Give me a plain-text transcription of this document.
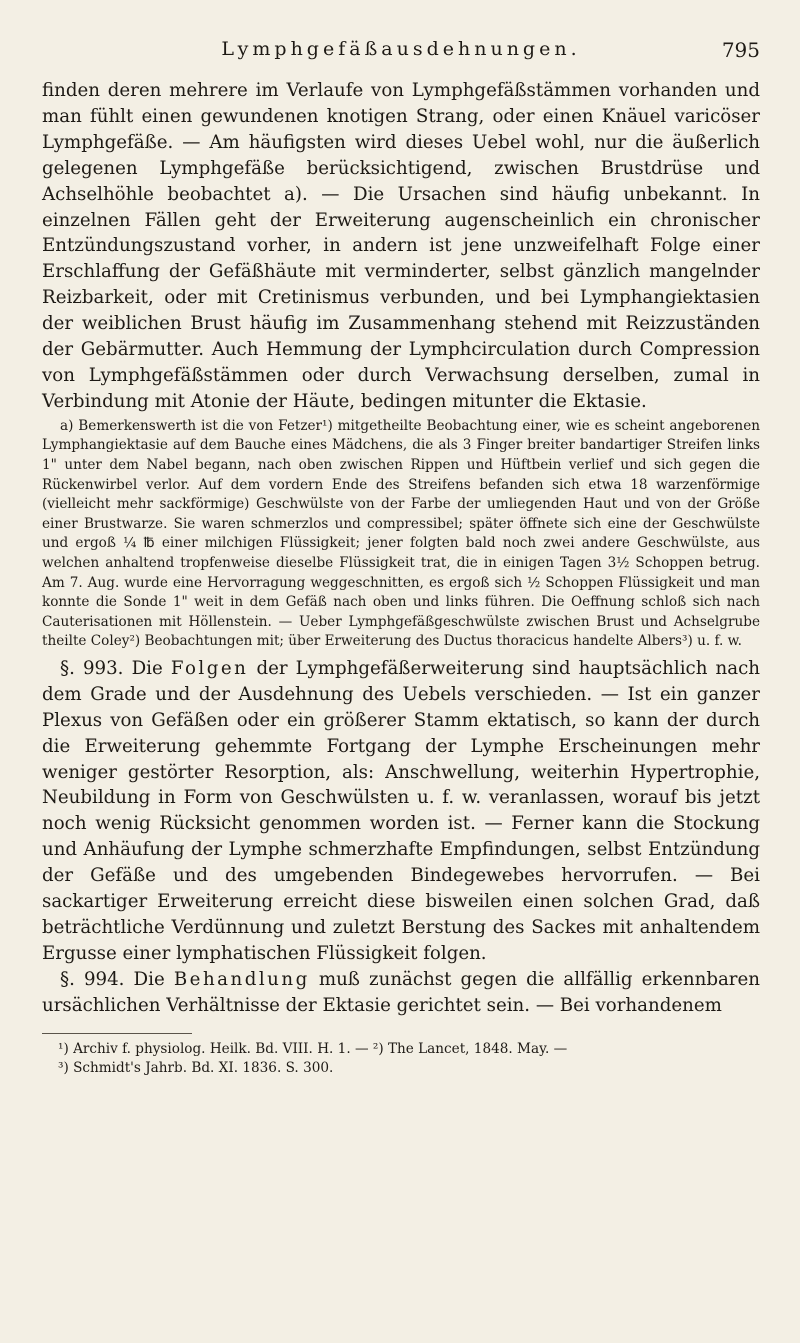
Lymphgefäßausdehnungen.	795

finden deren mehrere im Verlaufe von Lymphgefäßstämmen vorhanden und man fühlt einen gewundenen knotigen Strang, oder einen Knäuel varicöser Lymphgefäße. — Am häufigsten wird dieses Uebel wohl, nur die äußerlich gelegenen Lymphgefäße berücksichtigend, zwischen Brustdrüse und Achselhöhle beobachtet a). — Die Ursachen sind häufig unbekannt. In einzelnen Fällen geht der Erweiterung augenscheinlich ein chronischer Entzündungszustand vorher, in andern ist jene unzweifelhaft Folge einer Erschlaffung der Gefäßhäute mit verminderter, selbst gänzlich mangelnder Reizbarkeit, oder mit Cretinismus verbunden, und bei Lymphangiektasien der weiblichen Brust häufig im Zusammenhang stehend mit Reizzuständen der Gebärmutter. Auch Hemmung der Lymphcirculation durch Compression von Lymphgefäßstämmen oder durch Verwachsung derselben, zumal in Verbindung mit Atonie der Häute, bedingen mitunter die Ektasie.

a) Bemerkenswerth ist die von Fetzer¹) mitgetheilte Beobachtung einer, wie es scheint angeborenen Lymphangiektasie auf dem Bauche eines Mädchens, die als 3 Finger breiter bandartiger Streifen links 1" unter dem Nabel begann, nach oben zwischen Rippen und Hüftbein verlief und sich gegen die Rückenwirbel verlor. Auf dem vordern Ende des Streifens befanden sich etwa 18 warzenförmige (vielleicht mehr sackförmige) Geschwülste von der Farbe der umliegenden Haut und von der Größe einer Brustwarze. Sie waren schmerzlos und compressibel; später öffnete sich eine der Geschwülste und ergoß ¼ ℔ einer milchigen Flüssigkeit; jener folgten bald noch zwei andere Geschwülste, aus welchen anhaltend tropfenweise dieselbe Flüssigkeit trat, die in einigen Tagen 3½ Schoppen betrug. Am 7. Aug. wurde eine Hervorragung weggeschnitten, es ergoß sich ½ Schoppen Flüssigkeit und man konnte die Sonde 1" weit in dem Gefäß nach oben und links führen. Die Oeffnung schloß sich nach Cauterisationen mit Höllenstein. — Ueber Lymphgefäßgeschwülste zwischen Brust und Achselgrube theilte Coley²) Beobachtungen mit; über Erweiterung des Ductus thoracicus handelte Albers³) u. f. w.

§. 993. Die Folgen der Lymphgefäßerweiterung sind hauptsächlich nach dem Grade und der Ausdehnung des Uebels verschieden. — Ist ein ganzer Plexus von Gefäßen oder ein größerer Stamm ektatisch, so kann der durch die Erweiterung gehemmte Fortgang der Lymphe Erscheinungen mehr weniger gestörter Resorption, als: Anschwellung, weiterhin Hypertrophie, Neubildung in Form von Geschwülsten u. f. w. veranlassen, worauf bis jetzt noch wenig Rücksicht genommen worden ist. — Ferner kann die Stockung und Anhäufung der Lymphe schmerzhafte Empfindungen, selbst Entzündung der Gefäße und des umgebenden Bindegewebes hervorrufen. — Bei sackartiger Erweiterung erreicht diese bisweilen einen solchen Grad, daß beträchtliche Verdünnung und zuletzt Berstung des Sackes mit anhaltendem Ergusse einer lymphatischen Flüssigkeit folgen.

§. 994. Die Behandlung muß zunächst gegen die allfällig erkennbaren ursächlichen Verhältnisse der Ektasie gerichtet sein. — Bei vorhandenem

¹) Archiv f. physiolog. Heilk. Bd. VIII. H. 1. — ²) The Lancet, 1848. May. —

³) Schmidt's Jahrb. Bd. XI. 1836. S. 300.
